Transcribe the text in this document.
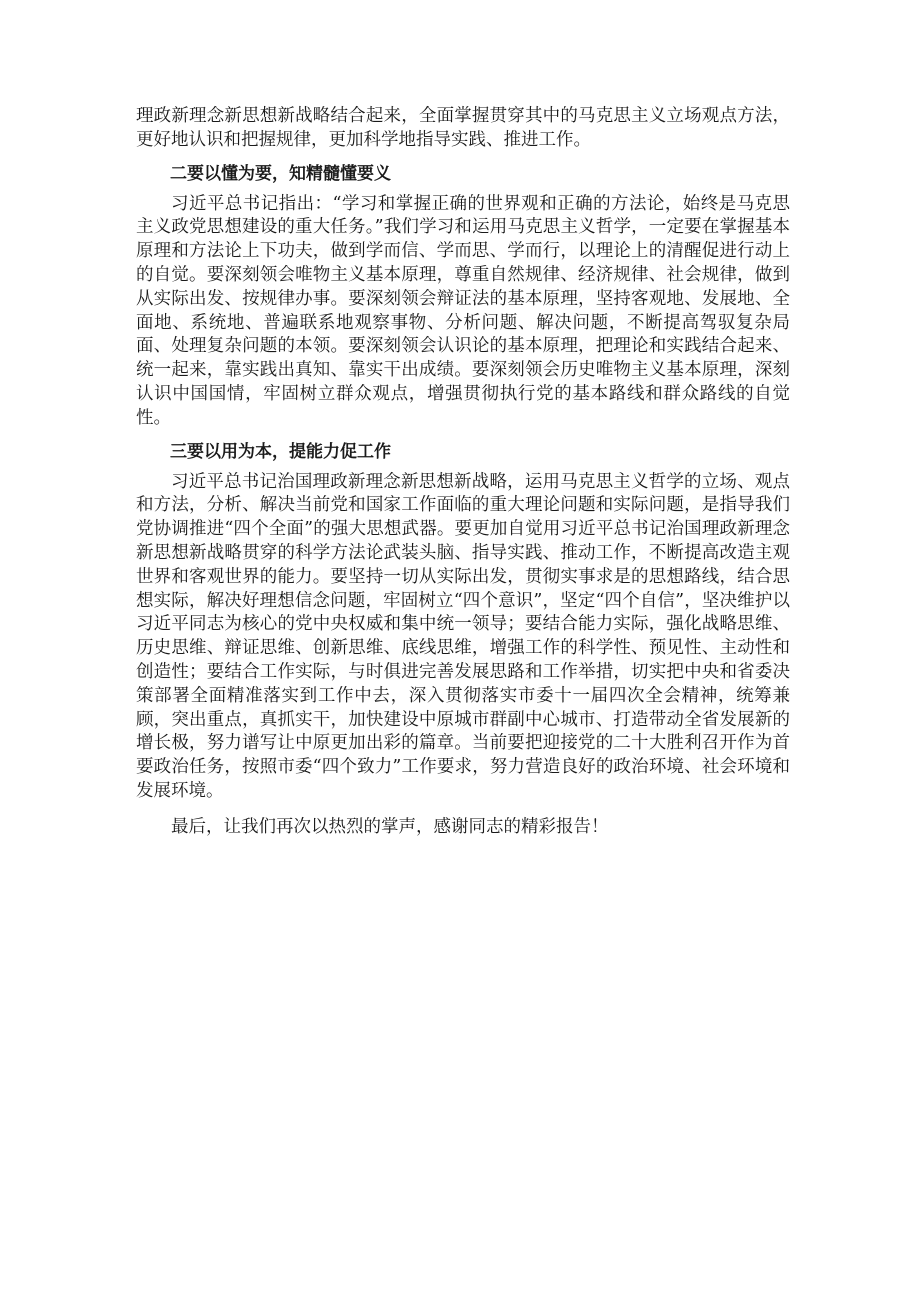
理政新理念新思想新战略结合起来，全面掌握贯穿其中的马克思主义立场观点方法，更好地认识和把握规律，更加科学地指导实践、推进工作。

二要以懂为要，知精髓懂要义

习近平总书记指出：“学习和掌握正确的世界观和正确的方法论，始终是马克思主义政党思想建设的重大任务。”我们学习和运用马克思主义哲学，一定要在掌握基本原理和方法论上下功夫，做到学而信、学而思、学而行，以理论上的清醒促进行动上的自觉。要深刻领会唯物主义基本原理，尊重自然规律、经济规律、社会规律，做到从实际出发、按规律办事。要深刻领会辩证法的基本原理，坚持客观地、发展地、全面地、系统地、普遍联系地观察事物、分析问题、解决问题，不断提高驾驭复杂局面、处理复杂问题的本领。要深刻领会认识论的基本原理，把理论和实践结合起来、统一起来，靠实践出真知、靠实干出成绩。要深刻领会历史唯物主义基本原理，深刻认识中国国情，牢固树立群众观点，增强贯彻执行党的基本路线和群众路线的自觉性。

三要以用为本，提能力促工作

习近平总书记治国理政新理念新思想新战略，运用马克思主义哲学的立场、观点和方法，分析、解决当前党和国家工作面临的重大理论问题和实际问题，是指导我们党协调推进“四个全面”的强大思想武器。要更加自觉用习近平总书记治国理政新理念新思想新战略贯穿的科学方法论武装头脑、指导实践、推动工作，不断提高改造主观世界和客观世界的能力。要坚持一切从实际出发，贯彻实事求是的思想路线，结合思想实际，解决好理想信念问题，牢固树立“四个意识”，坚定“四个自信”，坚决维护以习近平同志为核心的党中央权威和集中统一领导；要结合能力实际，强化战略思维、历史思维、辩证思维、创新思维、底线思维，增强工作的科学性、预见性、主动性和创造性；要结合工作实际，与时俱进完善发展思路和工作举措，切实把中央和省委决策部署全面精准落实到工作中去，深入贯彻落实市委十一届四次全会精神，统筹兼顾，突出重点，真抓实干，加快建设中原城市群副中心城市、打造带动全省发展新的增长极，努力谱写让中原更加出彩的篇章。当前要把迎接党的二十大胜利召开作为首要政治任务，按照市委“四个致力”工作要求，努力营造良好的政治环境、社会环境和发展环境。

最后，让我们再次以热烈的掌声，感谢同志的精彩报告！
